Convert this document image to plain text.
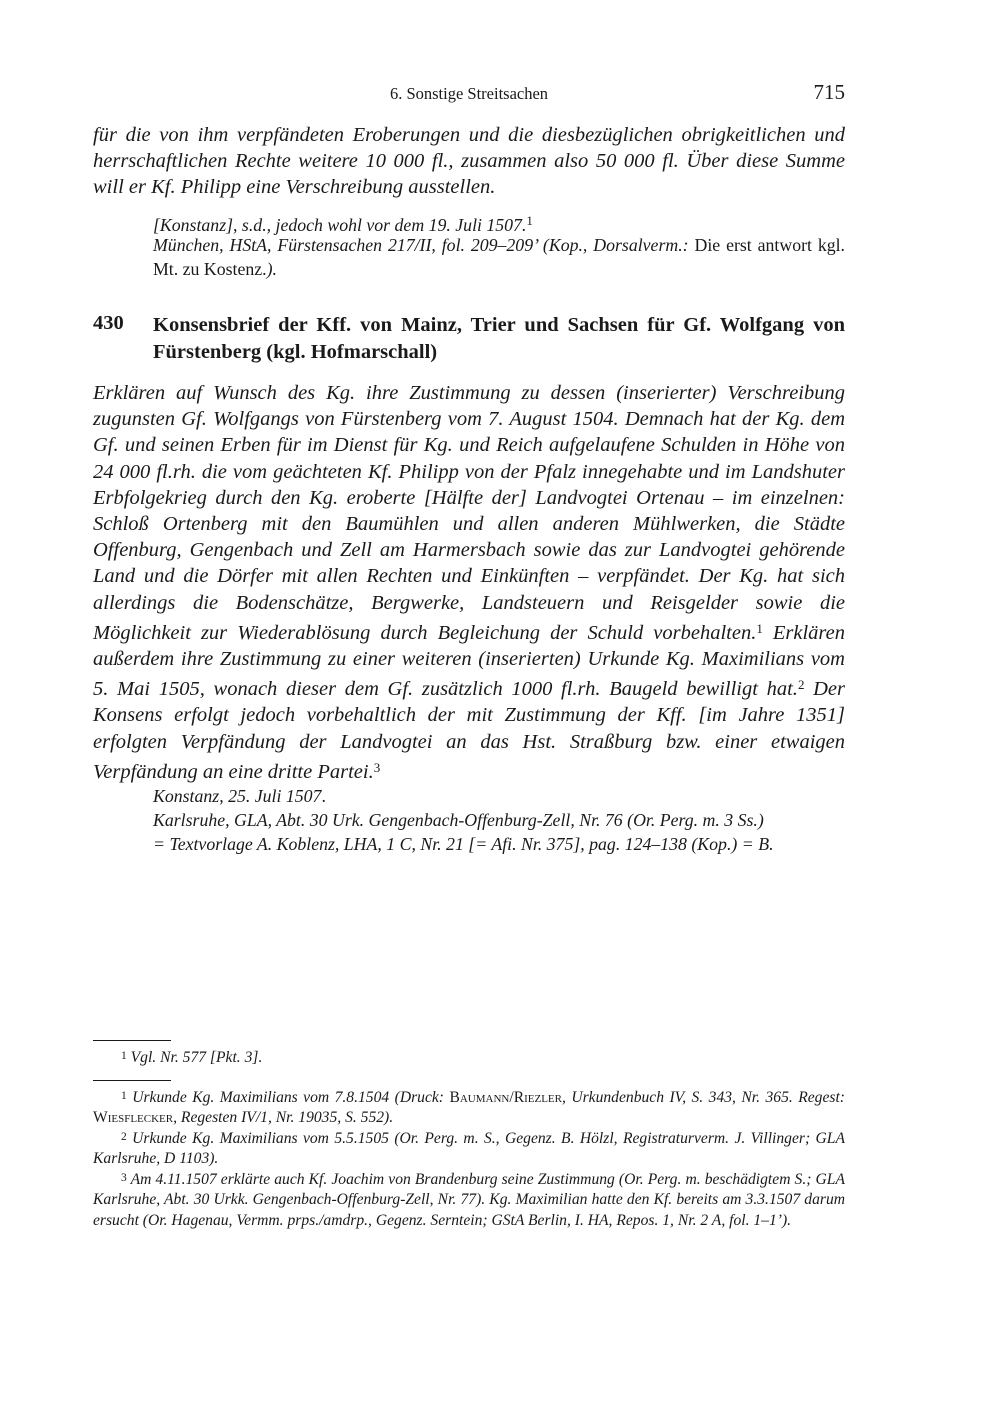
6. Sonstige Streitsachen	715
für die von ihm verpfändeten Eroberungen und die diesbezüglichen obrigkeitlichen und herrschaftlichen Rechte weitere 10 000 fl., zusammen also 50 000 fl. Über diese Summe will er Kf. Philipp eine Verschreibung ausstellen.
[Konstanz], s.d., jedoch wohl vor dem 19. Juli 1507.$^1$
München, HStA, Fürstensachen 217/II, fol. 209–209’ (Kop., Dorsalverm.: Die erst antwort kgl. Mt. zu Kostenz.).
430 Konsensbrief der Kff. von Mainz, Trier und Sachsen für Gf. Wolfgang von Fürstenberg (kgl. Hofmarschall)
Erklären auf Wunsch des Kg. ihre Zustimmung zu dessen (inserierter) Verschreibung zugunsten Gf. Wolfgangs von Fürstenberg vom 7. August 1504. Demnach hat der Kg. dem Gf. und seinen Erben für im Dienst für Kg. und Reich aufgelaufene Schulden in Höhe von 24 000 fl.rh. die vom geächteten Kf. Philipp von der Pfalz innegehabte und im Landshuter Erbfolgekrieg durch den Kg. eroberte [Hälfte der] Landvogtei Ortenau – im einzelnen: Schloß Ortenberg mit den Baumühlen und allen anderen Mühlwerken, die Städte Offenburg, Gengenbach und Zell am Harmersbach sowie das zur Landvogtei gehörende Land und die Dörfer mit allen Rechten und Einkünften – verpfändet. Der Kg. hat sich allerdings die Bodenschätze, Bergwerke, Landsteuern und Reisgelder sowie die Möglichkeit zur Wiederablösung durch Begleichung der Schuld vorbehalten.$^1$ Erklären außerdem ihre Zustimmung zu einer weiteren (inserierten) Urkunde Kg. Maximilians vom 5. Mai 1505, wonach dieser dem Gf. zusätzlich 1000 fl.rh. Baugeld bewilligt hat.$^2$ Der Konsens erfolgt jedoch vorbehaltlich der mit Zustimmung der Kff. [im Jahre 1351] erfolgten Verpfändung der Landvogtei an das Hst. Straßburg bzw. einer etwaigen Verpfändung an eine dritte Partei.$^3$
Konstanz, 25. Juli 1507.
Karlsruhe, GLA, Abt. 30 Urk. Gengenbach-Offenburg-Zell, Nr. 76 (Or. Perg. m. 3 Ss.)
= Textvorlage A. Koblenz, LHA, 1 C, Nr. 21 [= Afi. Nr. 375], pag. 124–138 (Kop.) = B.
1 Vgl. Nr. 577 [Pkt. 3].
1 Urkunde Kg. Maximilians vom 7.8.1504 (Druck: Baumann/Riezler, Urkundenbuch IV, S. 343, Nr. 365. Regest: Wiesflecker, Regesten IV/1, Nr. 19035, S. 552).
2 Urkunde Kg. Maximilians vom 5.5.1505 (Or. Perg. m. S., Gegenz. B. Hölzl, Registraturverm. J. Villinger; GLA Karlsruhe, D 1103).
3 Am 4.11.1507 erklärte auch Kf. Joachim von Brandenburg seine Zustimmung (Or. Perg. m. beschädigtem S.; GLA Karlsruhe, Abt. 30 Urkk. Gengenbach-Offenburg-Zell, Nr. 77). Kg. Maximilian hatte den Kf. bereits am 3.3.1507 darum ersucht (Or. Hagenau, Vermm. prps./amdrp., Gegenz. Serntein; GStA Berlin, I. HA, Repos. 1, Nr. 2 A, fol. 1–1’).
